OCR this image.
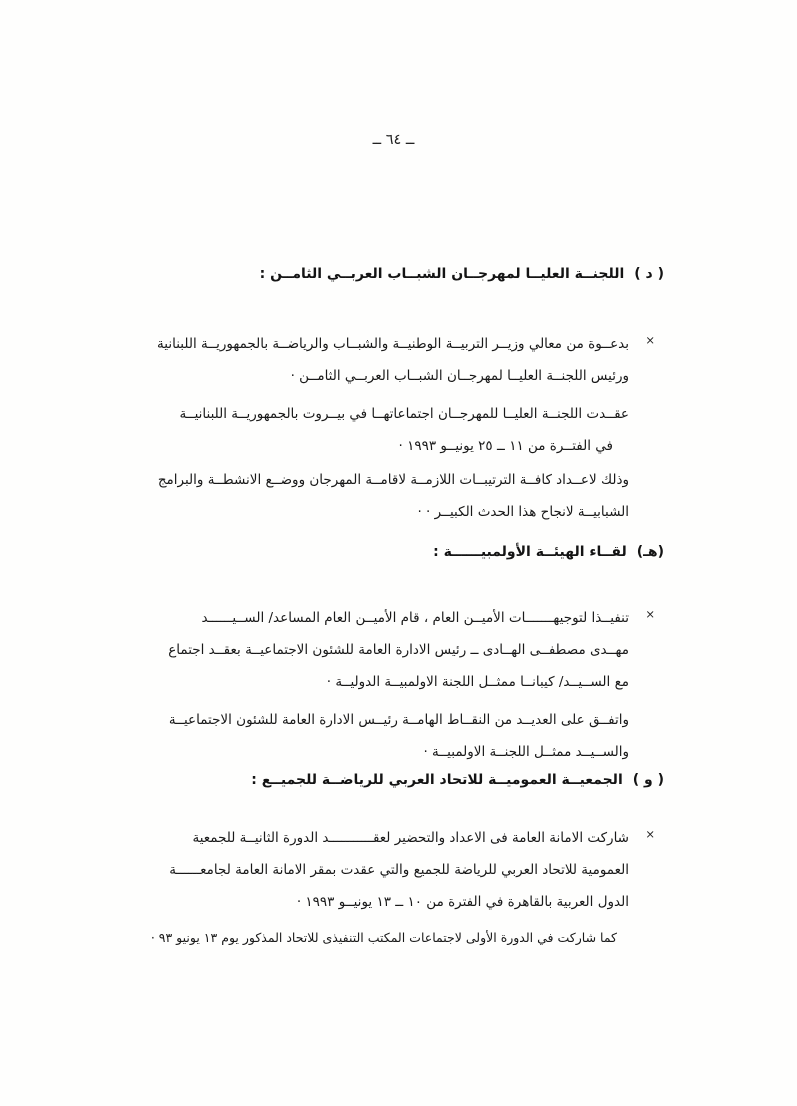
ــ ٦٤ ــ
( د )اللجنــة العليــا لمهرجــان الشبــاب العربــي الثامــن :
×
بدعــوة من معالي وزيــر التربيــة الوطنيــة والشبــاب والرياضــة بالجمهوريــة اللبنانية
ورئيس اللجنــة العليــا لمهرجــان الشبــاب العربــي الثامــن ·
عقــدت اللجنــة العليــا للمهرجــان اجتماعاتهــا في بيــروت بالجمهوريــة اللبنانيــة
في الفتــرة من ١١ ــ ٢٥ يونيــو ١٩٩٣ ·
وذلك لاعــداد كافــة الترتيبــات اللازمــة لاقامــة المهرجان ووضــع الانشطــة والبرامج
الشبابيــة لانجاح هذا الحدث الكبيــر · ·
(هـ)لقــاء الهيئــة الأولمبيــــــة :
×
تنفيــذا لتوجيهـــــــات الأميــن العام ، قام الأميــن العام المساعد/ الســيــــــد
مهــدى مصطفــى الهــادى ــ رئيس الادارة العامة للشئون الاجتماعيــة بعقــد اجتماع
مع الســيــد/ كيبانــا ممثــل اللجنة الاولمبيــة الدوليــة ·
واتفــق على العديــد من النقــاط الهامــة رئيــس الادارة العامة للشئون الاجتماعيــة
والســيــد ممثــل اللجنــة الاولمبيــة ·
( و )الجمعيــة العموميــة للاتحاد العربي للرياضــة للجميــع :
×
شاركت الامانة العامة فى الاعداد والتحضير لعقـــــــــــد الدورة الثانيــة للجمعية
العمومية للاتحاد العربي للرياضة للجميع والتي عقدت بمقر الامانة العامة لجامعــــــة
الدول العربية بالقاهرة في الفترة من ١٠ ــ ١٣ يونيــو ١٩٩٣ ·
كما شاركت في الدورة الأولى لاجتماعات المكتب التنفيذى للاتحاد المذكور يوم ١٣ يونيو ٩٣ ·
